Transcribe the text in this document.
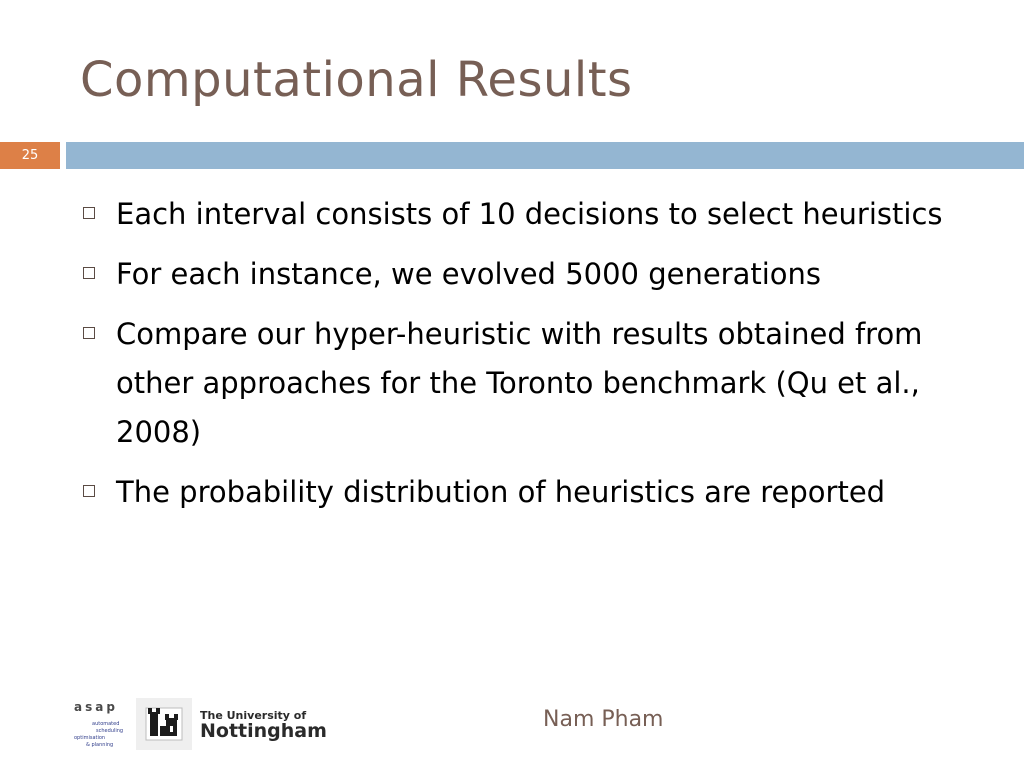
Computational Results
25
Each interval consists of 10 decisions to select heuristics
For each instance, we evolved 5000 generations
Compare our hyper-heuristic with results obtained from other approaches for the Toronto benchmark (Qu et al., 2008)
The probability distribution of heuristics are reported
asap
automated
scheduling
optimisation
& planning
The University of
Nottingham	Nam Pham
